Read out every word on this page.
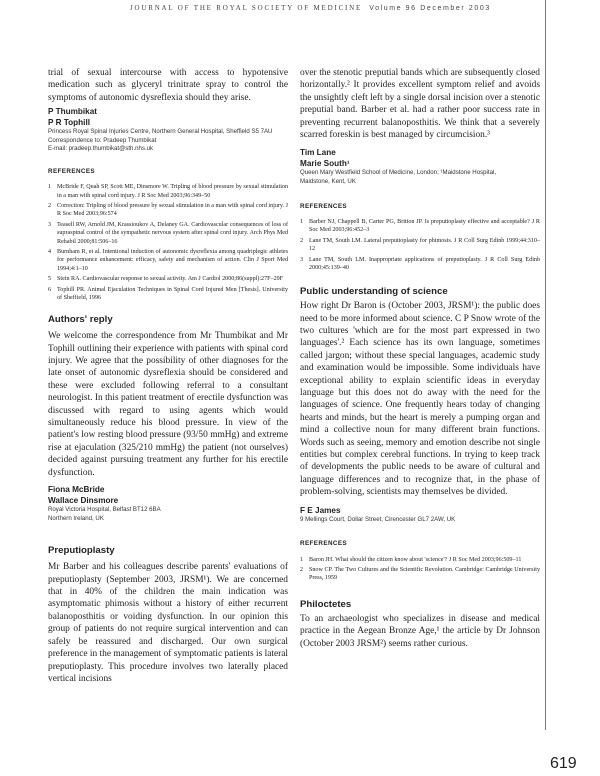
JOURNAL OF THE ROYAL SOCIETY OF MEDICINE Volume 96 December 2003
619

trial of sexual intercourse with access to hypotensive medication such as glyceryl trinitrate spray to control the symptoms of autonomic dysreflexia should they arise.

P Thumbikat

P R Tophill

Princess Royal Spinal Injuries Centre, Northern General Hospital, Sheffield S5 7AU

Correspondence to: Pradeep Thumbikat

E-mail: pradeep.thumbikat@sth.nhs.uk

REFERENCES

1 McBride F, Quah SP, Scott ME, Dinsmore W. Tripling of blood pressure by sexual stimulation in a man with spinal cord injury. J R Soc Med 2003;96:349–50
2 Correction: Tripling of blood pressure by sexual stimulation in a man with spinal cord injury. J R Soc Med 2003;96:574
3 Teasell RW, Arnold JM, Krassioukov A, Delaney GA. Cardiovascular consequences of loss of supraspinal control of the sympathetic nervous system after spinal cord injury. Arch Phys Med Rehabil 2000;81:506–16
4 Burnham R, et al. Intentional induction of autonomic dysreflexia among quadriplegic athletes for performance enhancement: efficacy, safety and mechanism of action. Clin J Sport Med 1994;4:1–10
5 Stein RA. Cardiovascular response to sexual activity. Am J Cardiol 2000;86(suppl):27F–29F
6 Tophill PR. Animal Ejaculation Techniques in Spinal Cord Injured Men [Thesis]. University of Sheffield, 1996
Authors' reply

We welcome the correspondence from Mr Thumbikat and Mr Tophill outlining their experience with patients with spinal cord injury. We agree that the possibility of other diagnoses for the late onset of autonomic dysreflexia should be considered and these were excluded following referral to a consultant neurologist. In this patient treatment of erectile dysfunction was discussed with regard to using agents which would simultaneously reduce his blood pressure. In view of the patient's low resting blood pressure (93/50 mmHg) and extreme rise at ejaculation (325/210 mmHg) the patient (not ourselves) decided against pursuing treatment any further for his erectile dysfunction.

Fiona McBride

Wallace Dinsmore

Royal Victoria Hospital, Belfast BT12 6BA

Northern Ireland, UK

Preputioplasty

Mr Barber and his colleagues describe parents' evaluations of preputioplasty (September 2003, JRSM¹). We are concerned that in 40% of the children the main indication was asymptomatic phimosis without a history of either recurrent balanoposthitis or voiding dysfunction. In our opinion this group of patients do not require surgical intervention and can safely be reassured and discharged. Our own surgical preference in the management of symptomatic patients is lateral preputioplasty. This procedure involves two laterally placed vertical incisions

over the stenotic preputial bands which are subsequently closed horizontally.² It provides excellent symptom relief and avoids the unsightly cleft left by a single dorsal incision over a stenotic preputial band. Barber et al. had a rather poor success rate in preventing recurrent balanoposthitis. We think that a severely scarred foreskin is best managed by circumcision.³

Tim Lane

Marie South¹

Queen Mary Westfield School of Medicine, London; ¹Maidstone Hospital,

Maidstone, Kent, UK

REFERENCES

1 Barber NJ, Chappell B, Carter PG, Britton JP. Is preputioplasty effective and acceptable? J R Soc Med 2003;96:452–3
2 Lane TM, South LM. Lateral preputioplasty for phimosis. J R Coll Surg Edinb 1999;44:310–12
3 Lane TM, South LM. Inappropriate applications of preputioplasty. J R Coll Surg Edinb 2000;45:139–40
Public understanding of science

How right Dr Baron is (October 2003, JRSM¹): the public does need to be more informed about science. C P Snow wrote of the two cultures 'which are for the most part expressed in two languages'.² Each science has its own language, sometimes called jargon; without these special languages, academic study and examination would be impossible. Some individuals have exceptional ability to explain scientific ideas in everyday language but this does not do away with the need for the languages of science. One frequently hears today of changing hearts and minds, but the heart is merely a pumping organ and mind a collective noun for many different brain functions. Words such as seeing, memory and emotion describe not single entities but complex cerebral functions. In trying to keep track of developments the public needs to be aware of cultural and language differences and to recognize that, in the phase of problem-solving, scientists may themselves be divided.

F E James

9 Mellings Court, Dollar Street, Cirencester GL7 2AW, UK

REFERENCES

1 Baron JH. What should the citizen know about 'science'? J R Soc Med 2003;96:509–11
2 Snow CP. The Two Cultures and the Scientific Revolution. Cambridge: Cambridge University Press, 1959
Philoctetes

To an archaeologist who specializes in disease and medical practice in the Aegean Bronze Age,¹ the article by Dr Johnson (October 2003 JRSM²) seems rather curious.
